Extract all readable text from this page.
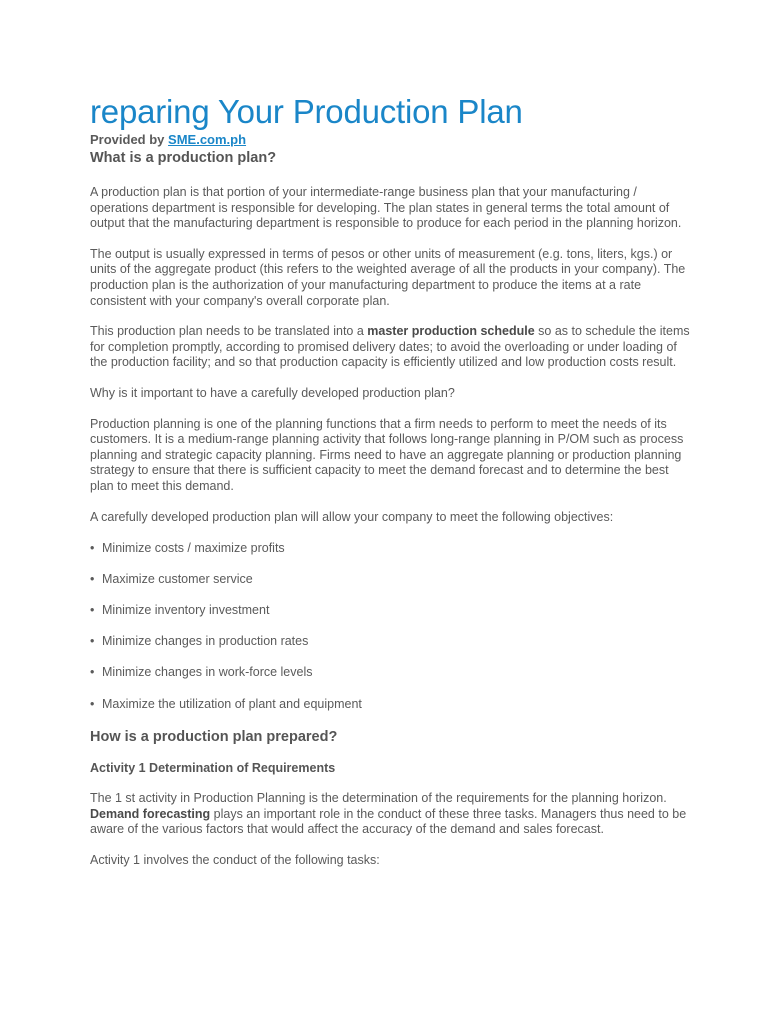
reparing Your Production Plan
Provided by SME.com.ph
What is a production plan?

A production plan is that portion of your intermediate-range business plan that your manufacturing / operations department is responsible for developing. The plan states in general terms the total amount of output that the manufacturing department is responsible to produce for each period in the planning horizon.

The output is usually expressed in terms of pesos or other units of measurement (e.g. tons, liters, kgs.) or units of the aggregate product (this refers to the weighted average of all the products in your company). The production plan is the authorization of your manufacturing department to produce the items at a rate consistent with your company's overall corporate plan.

This production plan needs to be translated into a master production schedule so as to schedule the items for completion promptly, according to promised delivery dates; to avoid the overloading or under loading of the production facility; and so that production capacity is efficiently utilized and low production costs result.

Why is it important to have a carefully developed production plan?

Production planning is one of the planning functions that a firm needs to perform to meet the needs of its customers. It is a medium-range planning activity that follows long-range planning in P/OM such as process planning and strategic capacity planning. Firms need to have an aggregate planning or production planning strategy to ensure that there is sufficient capacity to meet the demand forecast and to determine the best plan to meet this demand.

A carefully developed production plan will allow your company to meet the following objectives:

• Minimize costs / maximize profits
• Maximize customer service
• Minimize inventory investment
• Minimize changes in production rates
• Minimize changes in work-force levels
• Maximize the utilization of plant and equipment
How is a production plan prepared?
Activity 1 Determination of Requirements

The 1 st activity in Production Planning is the determination of the requirements for the planning horizon. Demand forecasting plays an important role in the conduct of these three tasks. Managers thus need to be aware of the various factors that would affect the accuracy of the demand and sales forecast.

Activity 1 involves the conduct of the following tasks:
